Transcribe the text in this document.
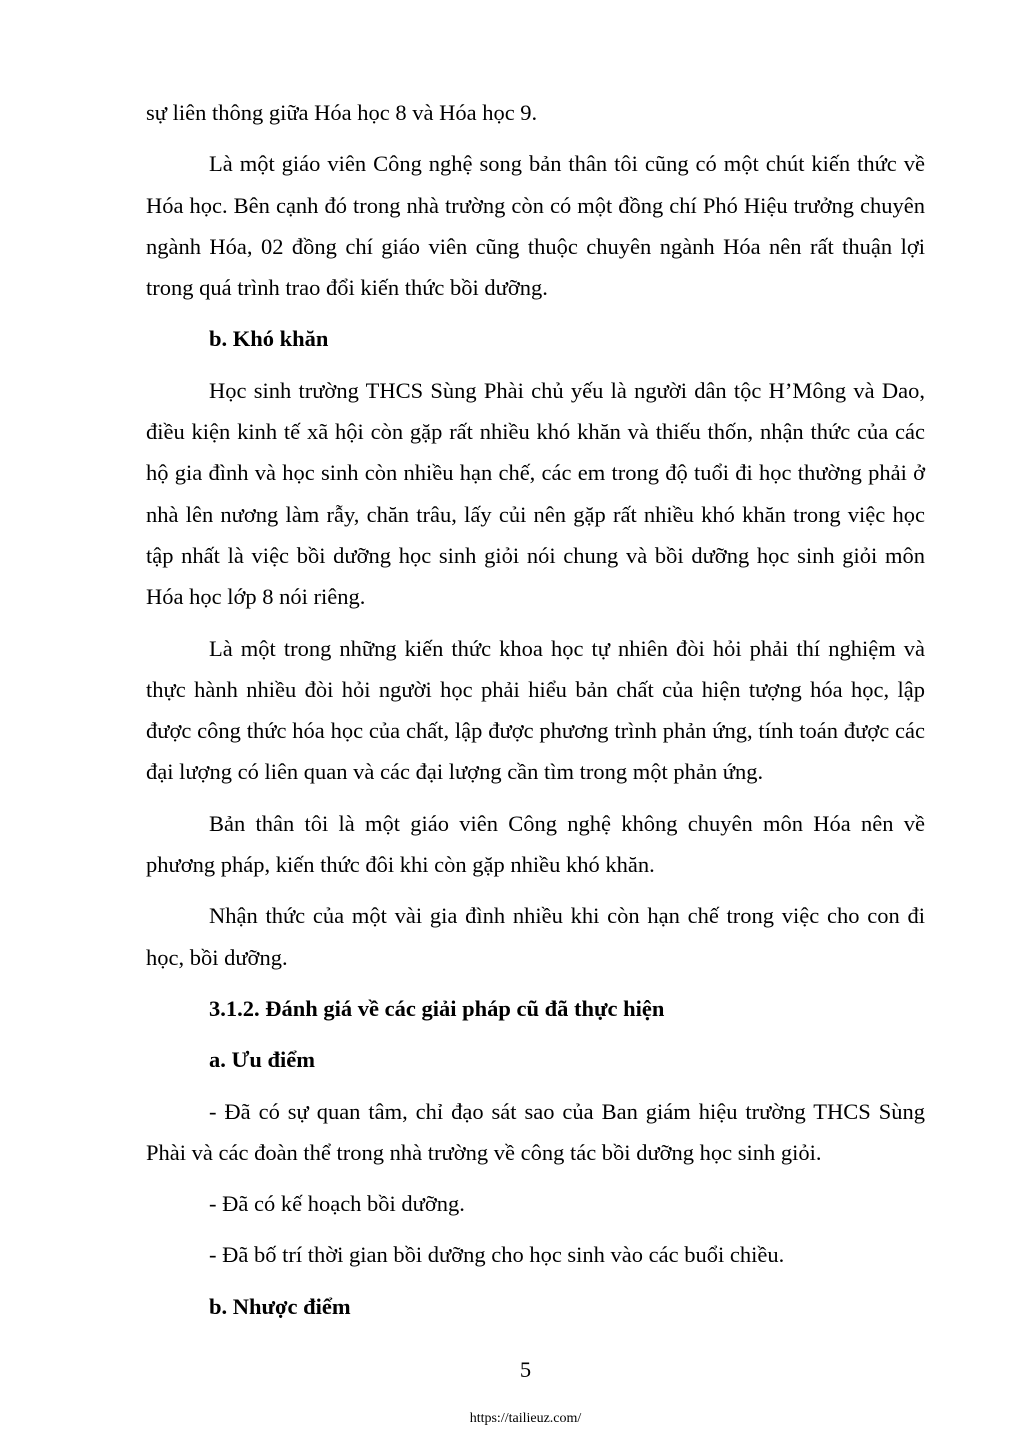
sự liên thông giữa Hóa học 8 và Hóa học 9.

Là một giáo viên Công nghệ song bản thân tôi cũng có một chút kiến thức về Hóa học. Bên cạnh đó trong nhà trường còn có một đồng chí Phó Hiệu trưởng chuyên ngành Hóa, 02 đồng chí giáo viên cũng thuộc chuyên ngành Hóa nên rất thuận lợi trong quá trình trao đổi kiến thức bồi dưỡng.

b. Khó khăn

Học sinh trường THCS Sùng Phài chủ yếu là người dân tộc H’Mông và Dao, điều kiện kinh tế xã hội còn gặp rất nhiều khó khăn và thiếu thốn, nhận thức của các hộ gia đình và học sinh còn nhiều hạn chế, các em trong độ tuổi đi học thường phải ở nhà lên nương làm rẫy, chăn trâu, lấy củi nên gặp rất nhiều khó khăn trong việc học tập nhất là việc bồi dưỡng học sinh giỏi nói chung và bồi dưỡng học sinh giỏi môn Hóa học lớp 8 nói riêng.

Là một trong những kiến thức khoa học tự nhiên đòi hỏi phải thí nghiệm và thực hành nhiều đòi hỏi người học phải hiểu bản chất của hiện tượng hóa học, lập được công thức hóa học của chất, lập được phương trình phản ứng, tính toán được các đại lượng có liên quan và các đại lượng cần tìm trong một phản ứng.

Bản thân tôi là một giáo viên Công nghệ không chuyên môn Hóa nên về phương pháp, kiến thức đôi khi còn gặp nhiều khó khăn.

Nhận thức của một vài gia đình nhiều khi còn hạn chế trong việc cho con đi học, bồi dưỡng.

3.1.2. Đánh giá về các giải pháp cũ đã thực hiện

a. Ưu điểm

- Đã có sự quan tâm, chỉ đạo sát sao của Ban giám hiệu trường THCS Sùng Phài và các đoàn thể trong nhà trường về công tác bồi dưỡng học sinh giỏi.

- Đã có kế hoạch bồi dưỡng.

- Đã bố trí thời gian bồi dưỡng cho học sinh vào các buổi chiều.

b. Nhược điểm

5
https://tailieuz.com/
